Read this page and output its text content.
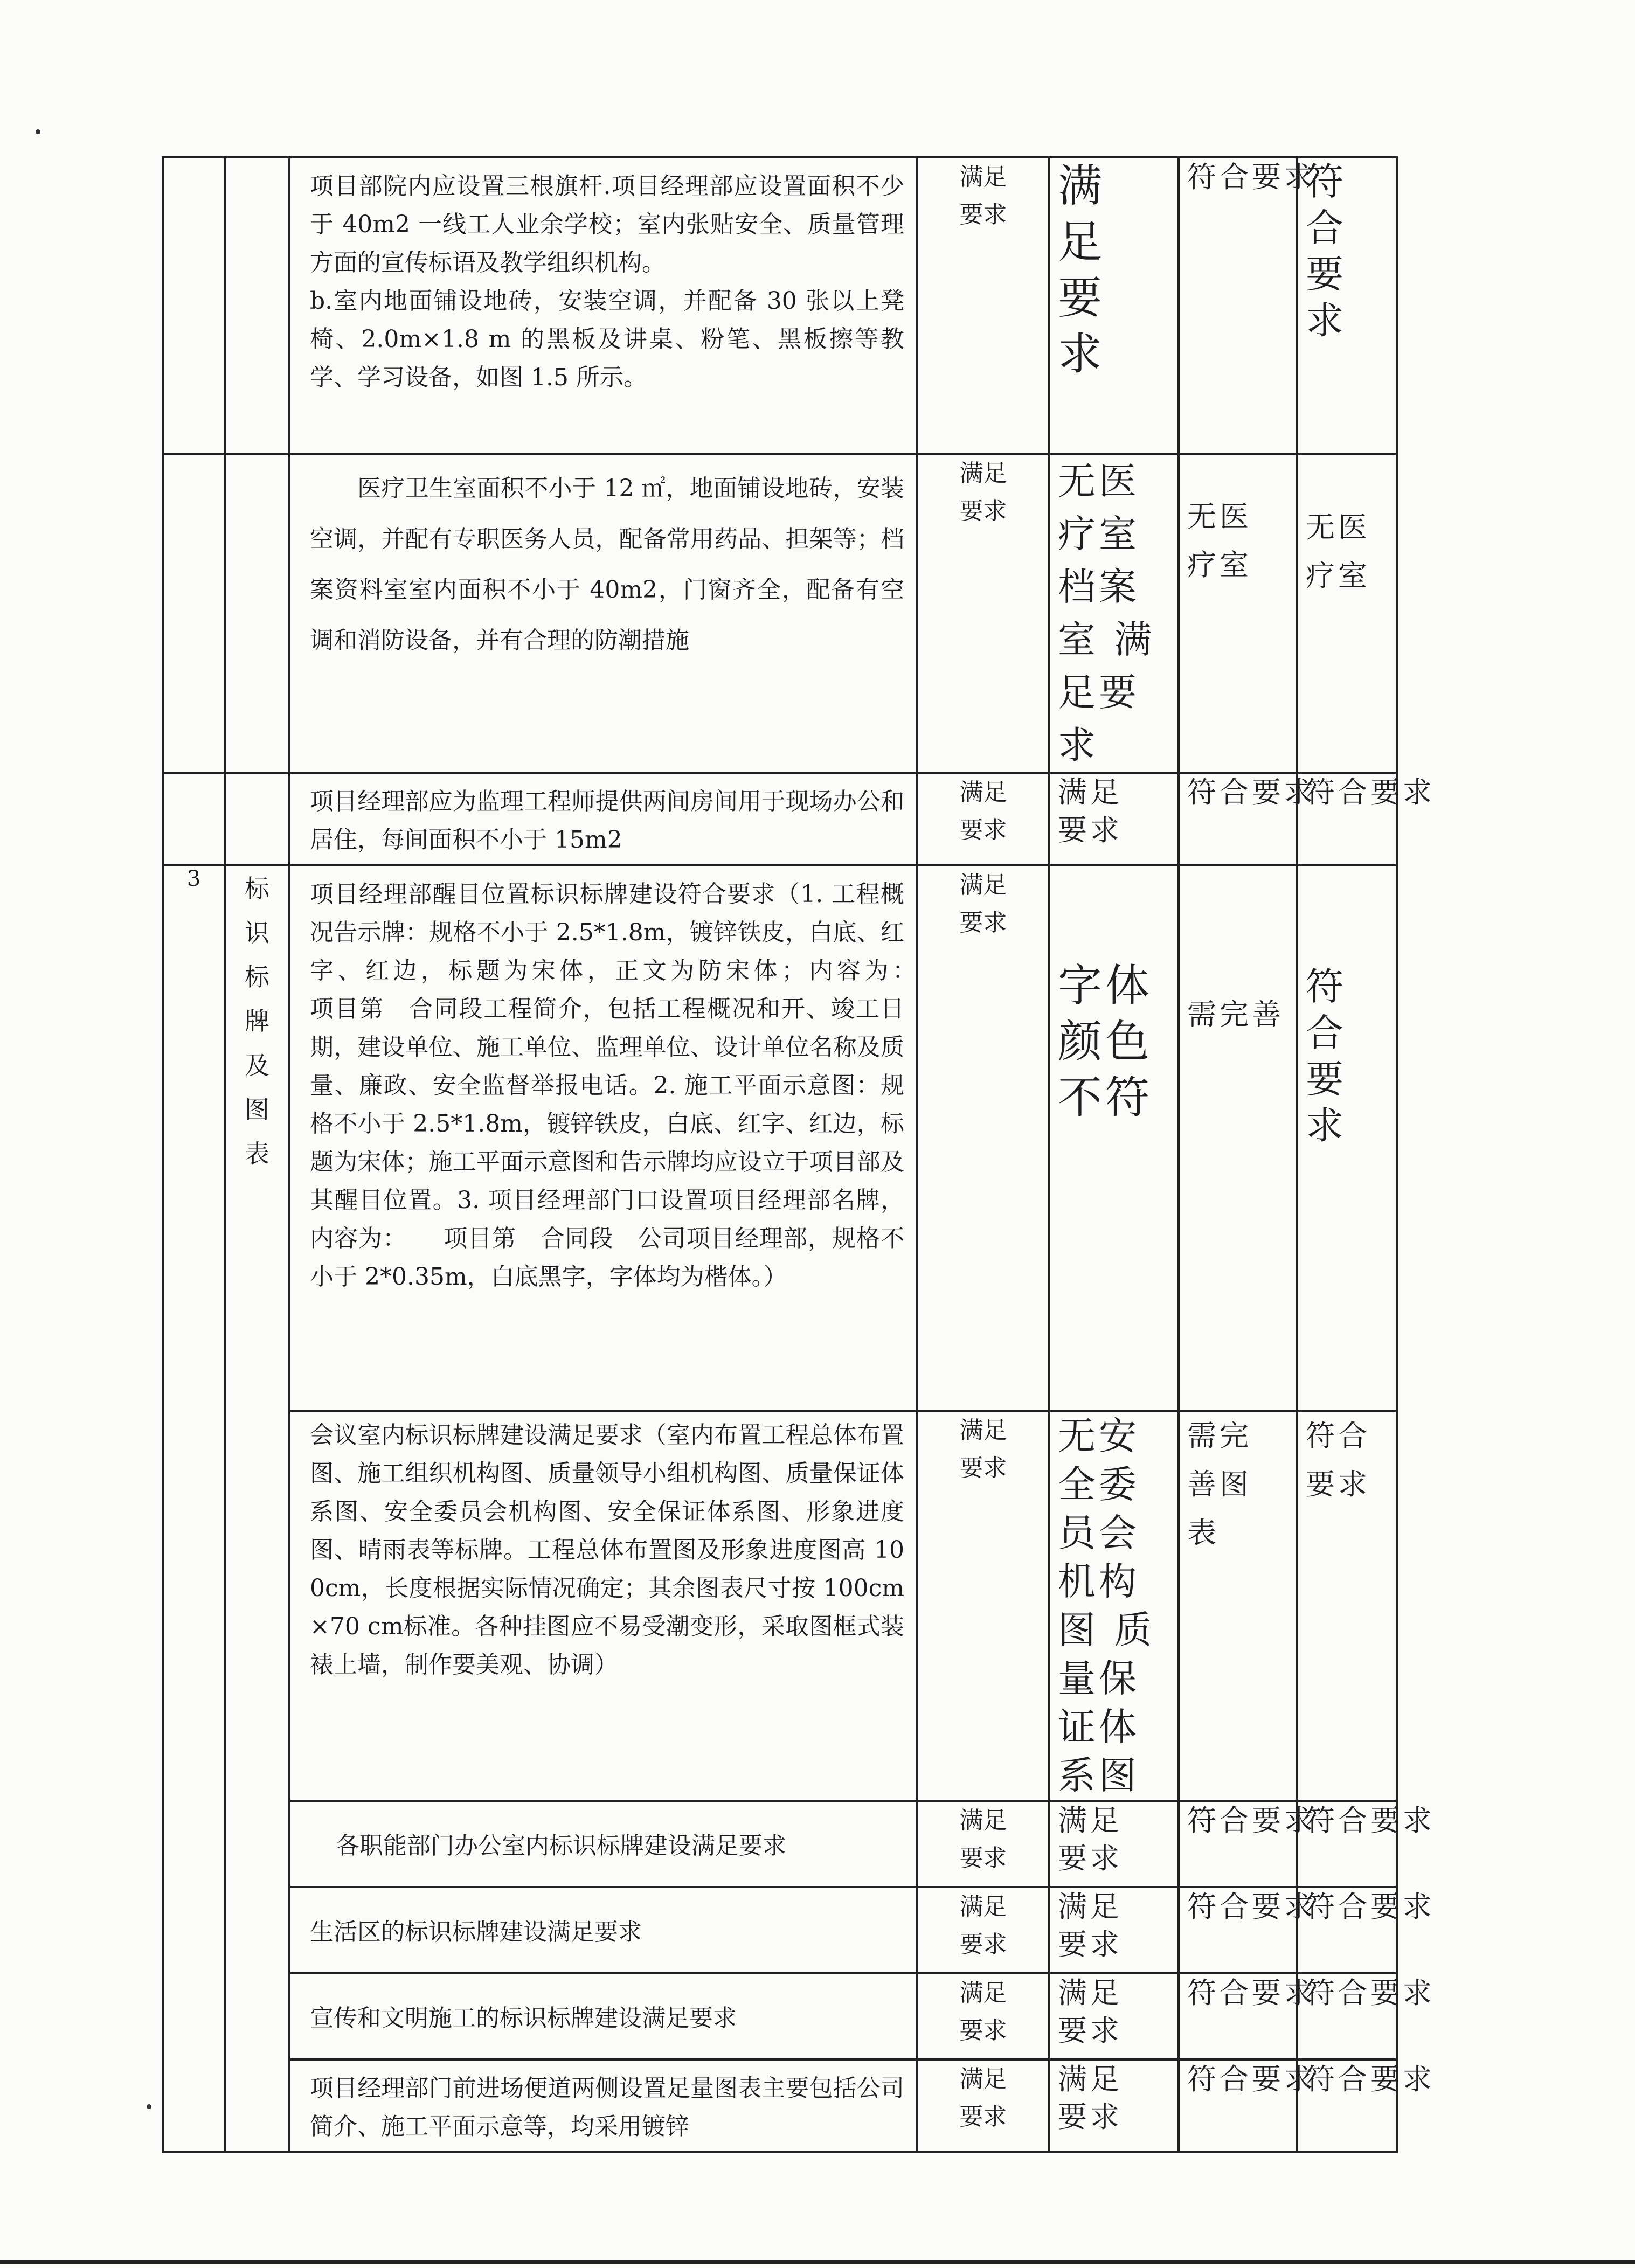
		项目部院内应设置三根旗杆.项目经理部应设置面积不少于 40m2 一线工人业余学校；室内张贴安全、质量管理方面的宣传标语及教学组织机构。

b.室内地面铺设地砖，安装空调，并配备 30 张以上凳椅、2.0m×1.8 m 的黑板及讲桌、粉笔、黑板擦等教学、学习设备，如图 1.5 所示。	满足要求	满足要求	符合要求	符合要求

		医疗卫生室面积不小于 12 ㎡，地面铺设地砖，安装空调，并配有专职医务人员，配备常用药品、担架等；档案资料室室内面积不小于 40m2，门窗齐全，配备有空调和消防设备，并有合理的防潮措施	满足要求	无医疗室 档案室 满足要求	无医疗室	无医疗室

		项目经理部应为监理工程师提供两间房间用于现场办公和居住，每间面积不小于 15m2	满足要求	满足要求	符合要求	符合要求

3	标识标牌及图表	项目经理部醒目位置标识标牌建设符合要求（1. 工程概况告示牌：规格不小于 2.5*1.8m，镀锌铁皮，白底、红字、红边，标题为宋体，正文为防宋体；内容为：　　　　项目第　合同段工程简介，包括工程概况和开、竣工日期，建设单位、施工单位、监理单位、设计单位名称及质量、廉政、安全监督举报电话。2. 施工平面示意图：规格不小于 2.5*1.8m，镀锌铁皮，白底、红字、红边，标题为宋体；施工平面示意图和告示牌均应设立于项目部及其醒目位置。3. 项目经理部门口设置项目经理部名牌，内容为：　　项目第　合同段　公司项目经理部，规格不小于 2*0.35m，白底黑字，字体均为楷体。）	满足要求	字体颜色不符	需完善	符合要求

		会议室内标识标牌建设满足要求（室内布置工程总体布置图、施工组织机构图、质量领导小组机构图、质量保证体系图、安全委员会机构图、安全保证体系图、形象进度图、晴雨表等标牌。工程总体布置图及形象进度图高 100cm，长度根据实际情况确定；其余图表尺寸按 100cm×70 cm标准。各种挂图应不易受潮变形，采取图框式装裱上墙，制作要美观、协调）	满足要求	无安全委员会机构图 质量保证体系图	需完善图表	符合要求

		各职能部门办公室内标识标牌建设满足要求	满足要求	满足要求	符合要求	符合要求

		生活区的标识标牌建设满足要求	满足要求	满足要求	符合要求	符合要求

		宣传和文明施工的标识标牌建设满足要求	满足要求	满足要求	符合要求	符合要求

		项目经理部门前进场便道两侧设置足量图表主要包括公司简介、施工平面示意等，均采用镀锌	满足要求	满足要求	符合要求	符合要求
